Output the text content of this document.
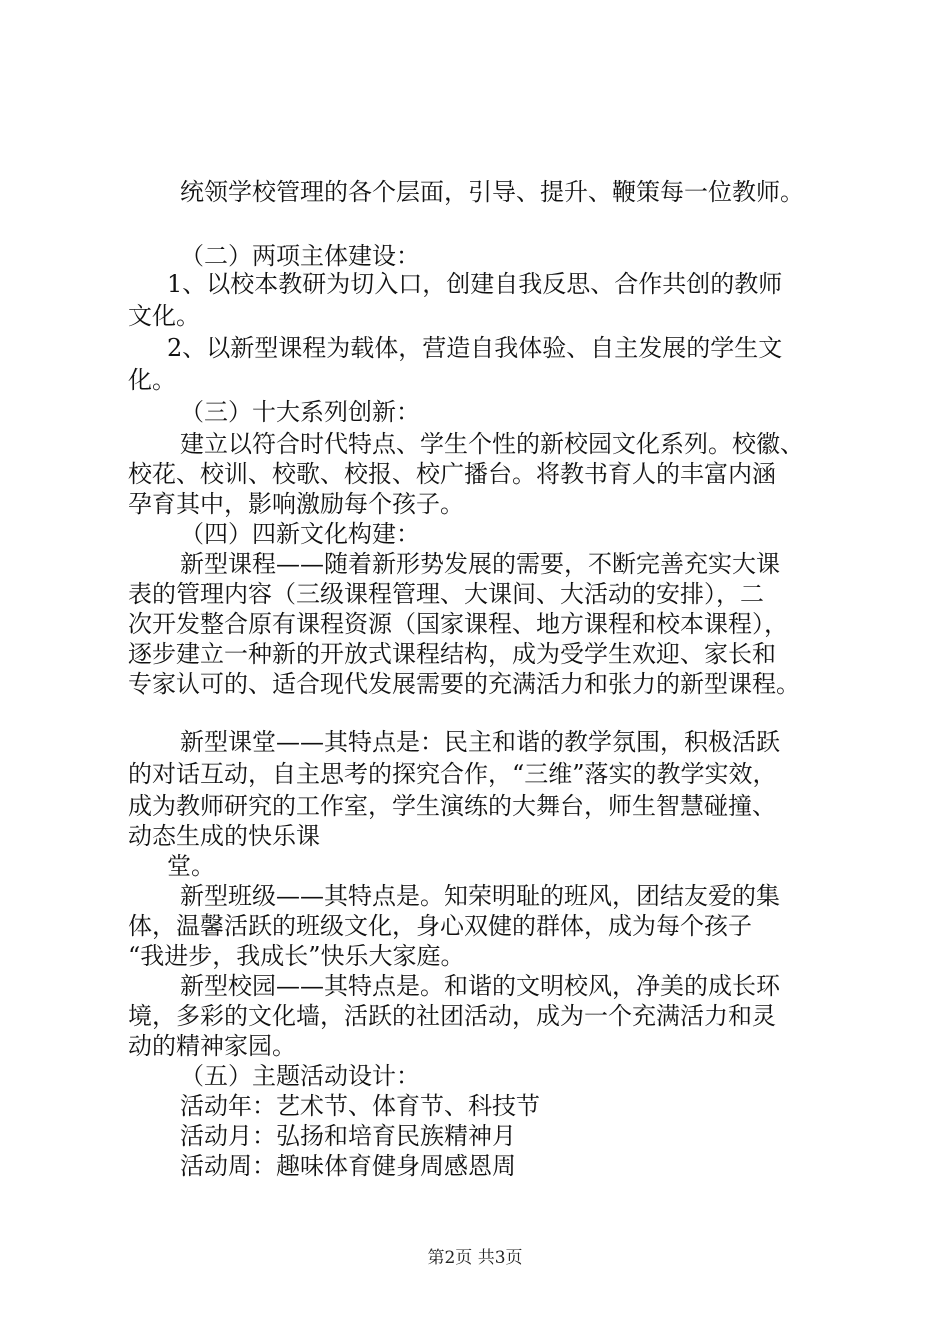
统领学校管理的各个层面，引导、提升、鞭策每一位教师。

（二）两项主体建设：

1、以校本教研为切入口，创建自我反思、合作共创的教师

文化。

2、以新型课程为载体，营造自我体验、自主发展的学生文

化。

（三）十大系列创新：

建立以符合时代特点、学生个性的新校园文化系列。校徽、

校花、校训、校歌、校报、校广播台。将教书育人的丰富内涵

孕育其中，影响激励每个孩子。

（四）四新文化构建：

新型课程——随着新形势发展的需要，不断完善充实大课

表的管理内容（三级课程管理、大课间、大活动的安排），二

次开发整合原有课程资源（国家课程、地方课程和校本课程），

逐步建立一种新的开放式课程结构，成为受学生欢迎、家长和

专家认可的、适合现代发展需要的充满活力和张力的新型课程。

新型课堂——其特点是：民主和谐的教学氛围，积极活跃

的对话互动，自主思考的探究合作，“三维”落实的教学实效，

成为教师研究的工作室，学生演练的大舞台，师生智慧碰撞、

动态生成的快乐课

堂。

新型班级——其特点是。知荣明耻的班风，团结友爱的集

体，温馨活跃的班级文化，身心双健的群体，成为每个孩子

“我进步，我成长”快乐大家庭。

新型校园——其特点是。和谐的文明校风，净美的成长环

境，多彩的文化墙，活跃的社团活动，成为一个充满活力和灵

动的精神家园。

（五）主题活动设计：

活动年：艺术节、体育节、科技节

活动月：弘扬和培育民族精神月

活动周：趣味体育健身周感恩周

第2页 共3页
